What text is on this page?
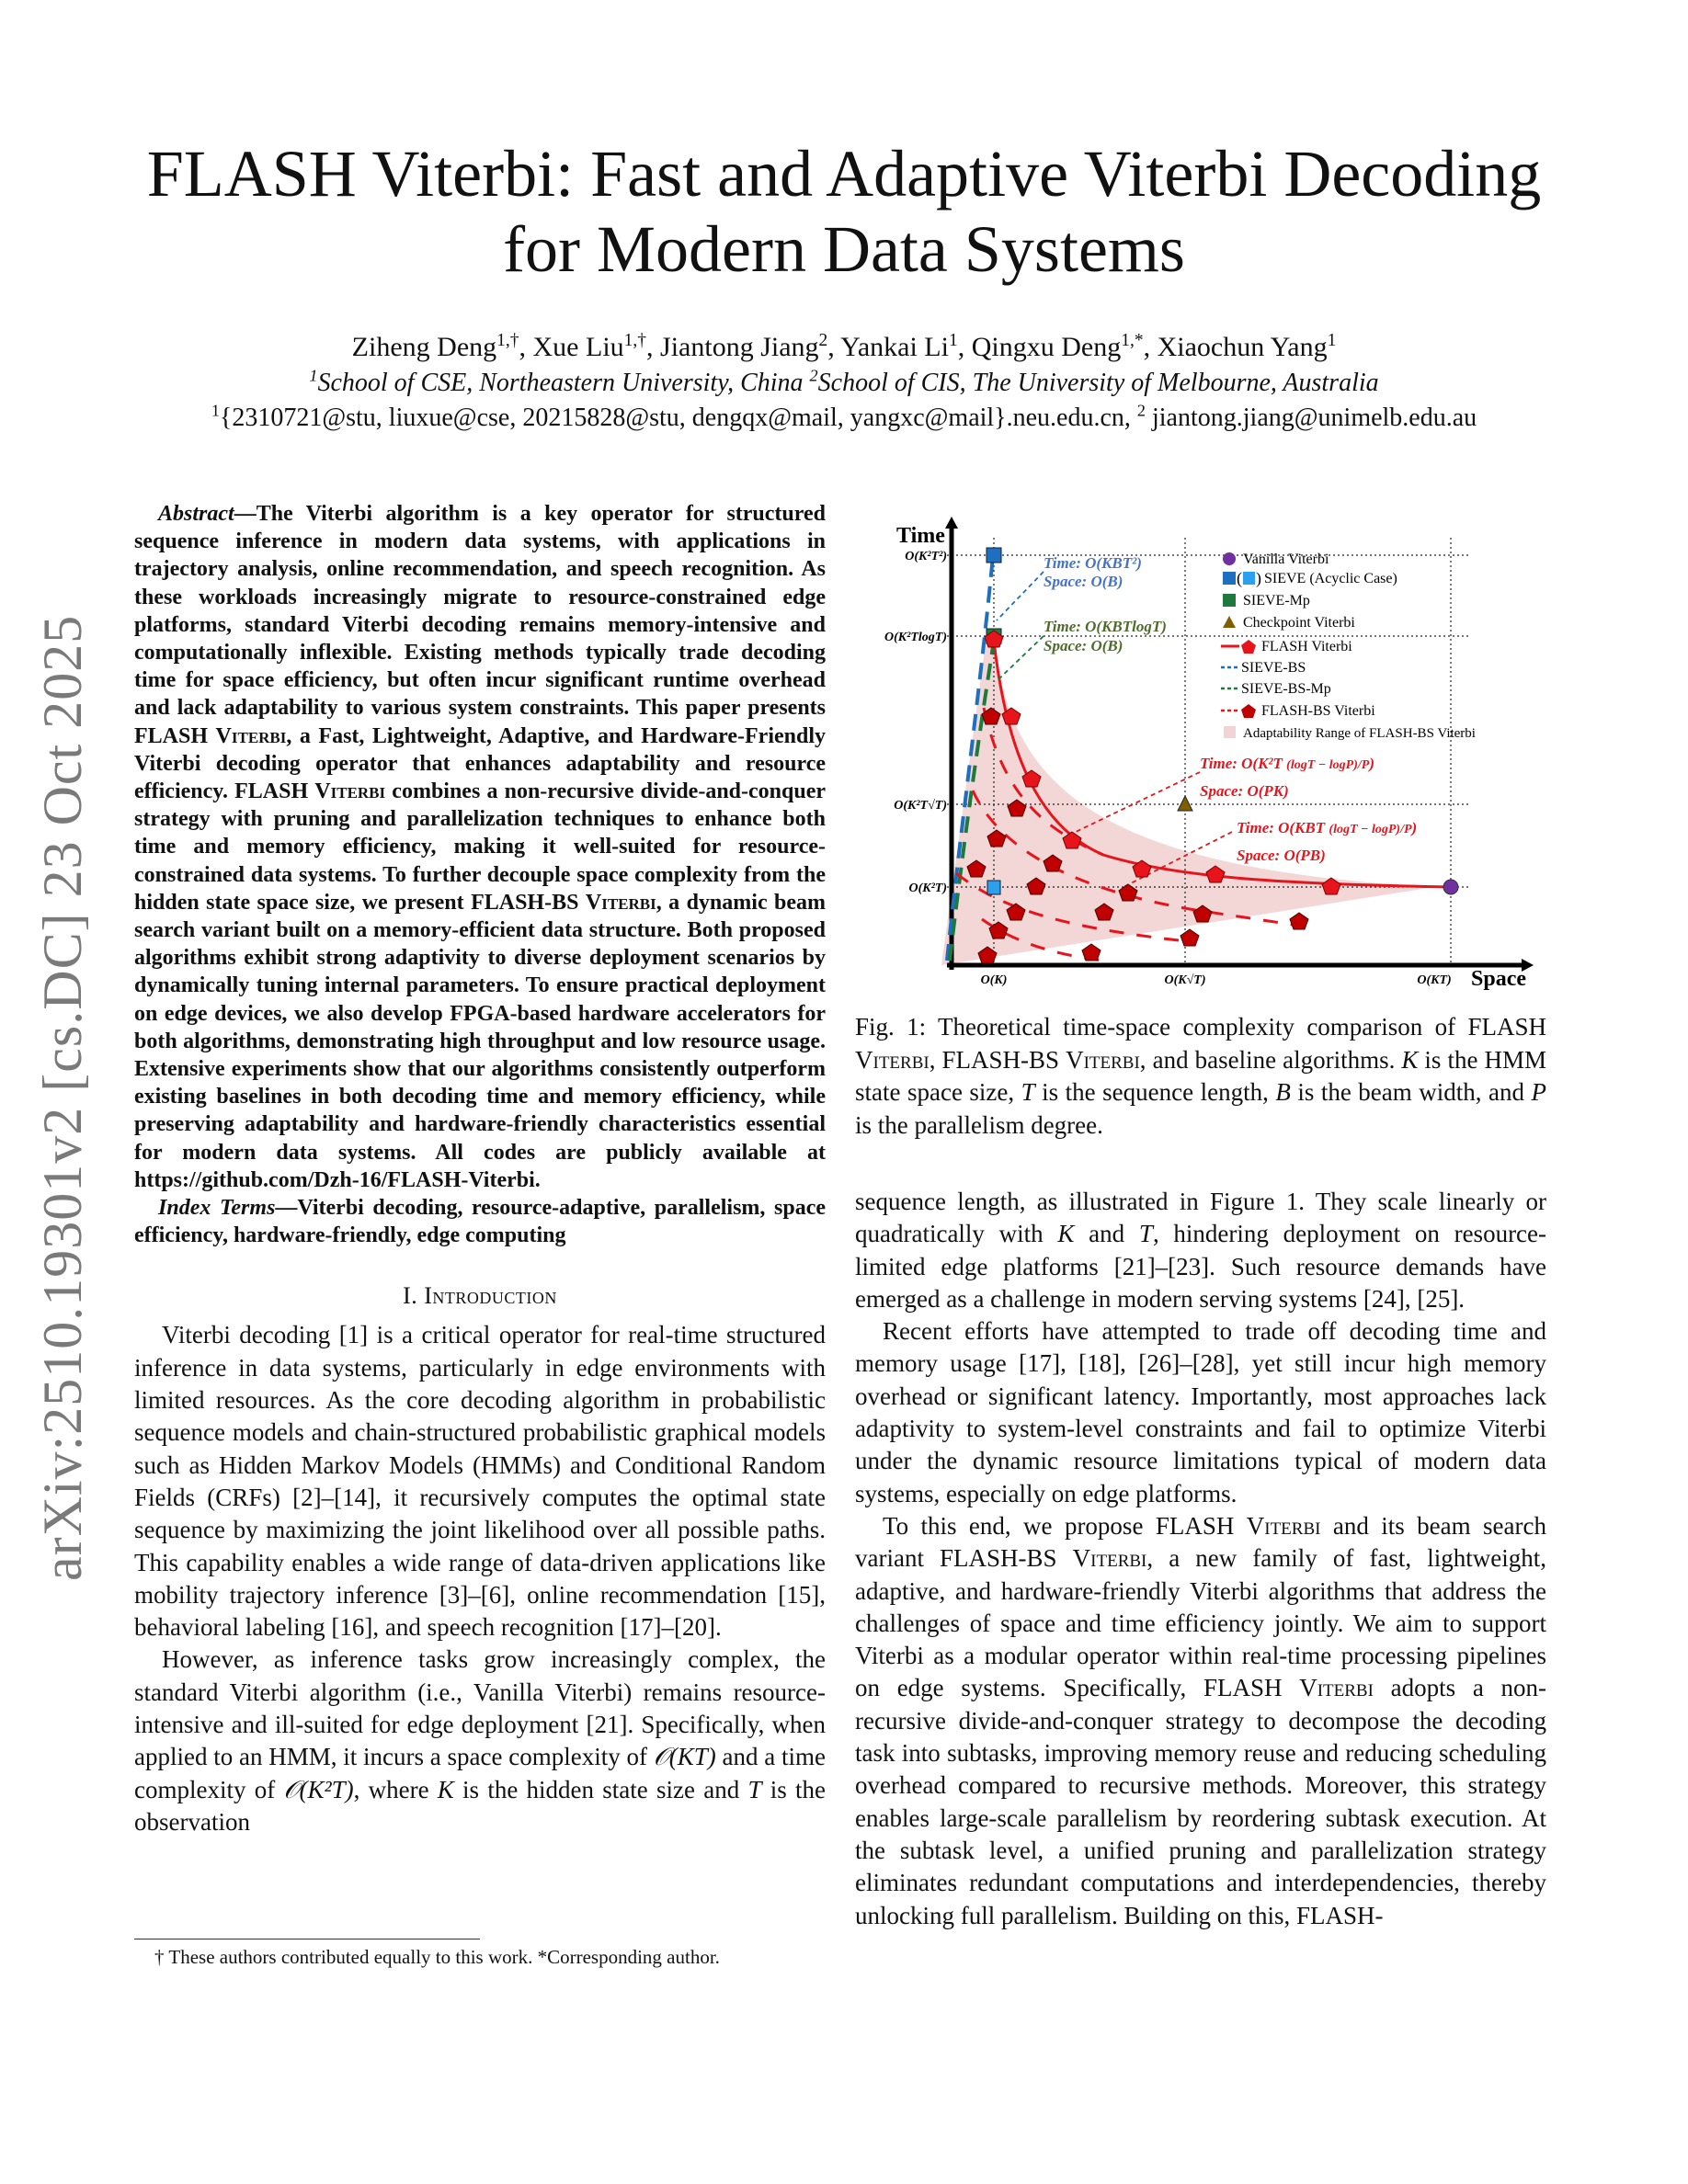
arXiv:2510.19301v2 [cs.DC] 23 Oct 2025
FLASH Viterbi: Fast and Adaptive Viterbi Decoding
for Modern Data Systems
Ziheng Deng$^{1,\dagger}$, Xue Liu$^{1,\dagger}$, Jiantong Jiang$^2$, Yankai Li$^1$, Qingxu Deng$^{1,*}$, Xiaochun Yang$^1$
$^1$School of CSE, Northeastern University, China $^2$School of CIS, The University of Melbourne, Australia
$^1${2310721@stu, liuxue@cse, 20215828@stu, dengqx@mail, yangxc@mail}.neu.edu.cn, $^2$ jiantong.jiang@unimelb.edu.au

Abstract—The Viterbi algorithm is a key operator for structured sequence inference in modern data systems, with applications in trajectory analysis, online recommendation, and speech recognition. As these workloads increasingly migrate to resource-constrained edge platforms, standard Viterbi decoding remains memory-intensive and computationally inflexible. Existing methods typically trade decoding time for space efficiency, but often incur significant runtime overhead and lack adaptability to various system constraints. This paper presents FLASH Viterbi, a Fast, Lightweight, Adaptive, and Hardware-Friendly Viterbi decoding operator that enhances adaptability and resource efficiency. FLASH Viterbi combines a non-recursive divide-and-conquer strategy with pruning and parallelization techniques to enhance both time and memory efficiency, making it well-suited for resource-constrained data systems. To further decouple space complexity from the hidden state space size, we present FLASH-BS Viterbi, a dynamic beam search variant built on a memory-efficient data structure. Both proposed algorithms exhibit strong adaptivity to diverse deployment scenarios by dynamically tuning internal parameters. To ensure practical deployment on edge devices, we also develop FPGA-based hardware accelerators for both algorithms, demonstrating high throughput and low resource usage. Extensive experiments show that our algorithms consistently outperform existing baselines in both decoding time and memory efficiency, while preserving adaptability and hardware-friendly characteristics essential for modern data systems. All codes are publicly available at https://github.com/Dzh-16/FLASH-Viterbi.

Index Terms—Viterbi decoding, resource-adaptive, parallelism, space efficiency, hardware-friendly, edge computing

I. Introduction

Viterbi decoding [1] is a critical operator for real-time structured inference in data systems, particularly in edge environments with limited resources. As the core decoding algorithm in probabilistic sequence models and chain-structured probabilistic graphical models such as Hidden Markov Models (HMMs) and Conditional Random Fields (CRFs) [2]–[14], it recursively computes the optimal state sequence by maximizing the joint likelihood over all possible paths. This capability enables a wide range of data-driven applications like mobility trajectory inference [3]–[6], online recommendation [15], behavioral labeling [16], and speech recognition [17]–[20].

However, as inference tasks grow increasingly complex, the standard Viterbi algorithm (i.e., Vanilla Viterbi) remains resource-intensive and ill-suited for edge deployment [21]. Specifically, when applied to an HMM, it incurs a space complexity of 𝒪(KT) and a time complexity of 𝒪(K²T), where K is the hidden state size and T is the observation

† These authors contributed equally to this work. *Corresponding author.
Time
Space
O(K²T²)
O(K²TlogT)
O(K²T√T)
O(K²T)
O(K)	O(K√T)	O(KT)
Time: O(KBT²)
Space: O(B)
Time: O(KBTlogT)
Space: O(B)
Time: O(K²T (logT − logP)/P)
Space: O(PK)
Time: O(KBT (logT − logP)/P)
Space: O(PB)
Vanilla Viterbi
( ) SIEVE (Acyclic Case)
SIEVE-Mp
Checkpoint Viterbi
FLASH Viterbi
SIEVE-BS
SIEVE-BS-Mp
FLASH-BS Viterbi
Adaptability Range of FLASH-BS Viterbi
Fig. 1: Theoretical time-space complexity comparison of FLASH Viterbi, FLASH-BS Viterbi, and baseline algorithms. K is the HMM state space size, T is the sequence length, B is the beam width, and P is the parallelism degree.

sequence length, as illustrated in Figure 1. They scale linearly or quadratically with K and T, hindering deployment on resource-limited edge platforms [21]–[23]. Such resource demands have emerged as a challenge in modern serving systems [24], [25].

Recent efforts have attempted to trade off decoding time and memory usage [17], [18], [26]–[28], yet still incur high memory overhead or significant latency. Importantly, most approaches lack adaptivity to system-level constraints and fail to optimize Viterbi under the dynamic resource limitations typical of modern data systems, especially on edge platforms.

To this end, we propose FLASH Viterbi and its beam search variant FLASH-BS Viterbi, a new family of fast, lightweight, adaptive, and hardware-friendly Viterbi algorithms that address the challenges of space and time efficiency jointly. We aim to support Viterbi as a modular operator within real-time processing pipelines on edge systems. Specifically, FLASH Viterbi adopts a non-recursive divide-and-conquer strategy to decompose the decoding task into subtasks, improving memory reuse and reducing scheduling overhead compared to recursive methods. Moreover, this strategy enables large-scale parallelism by reordering subtask execution. At the subtask level, a unified pruning and parallelization strategy eliminates redundant computations and interdependencies, thereby unlocking full parallelism. Building on this, FLASH-
